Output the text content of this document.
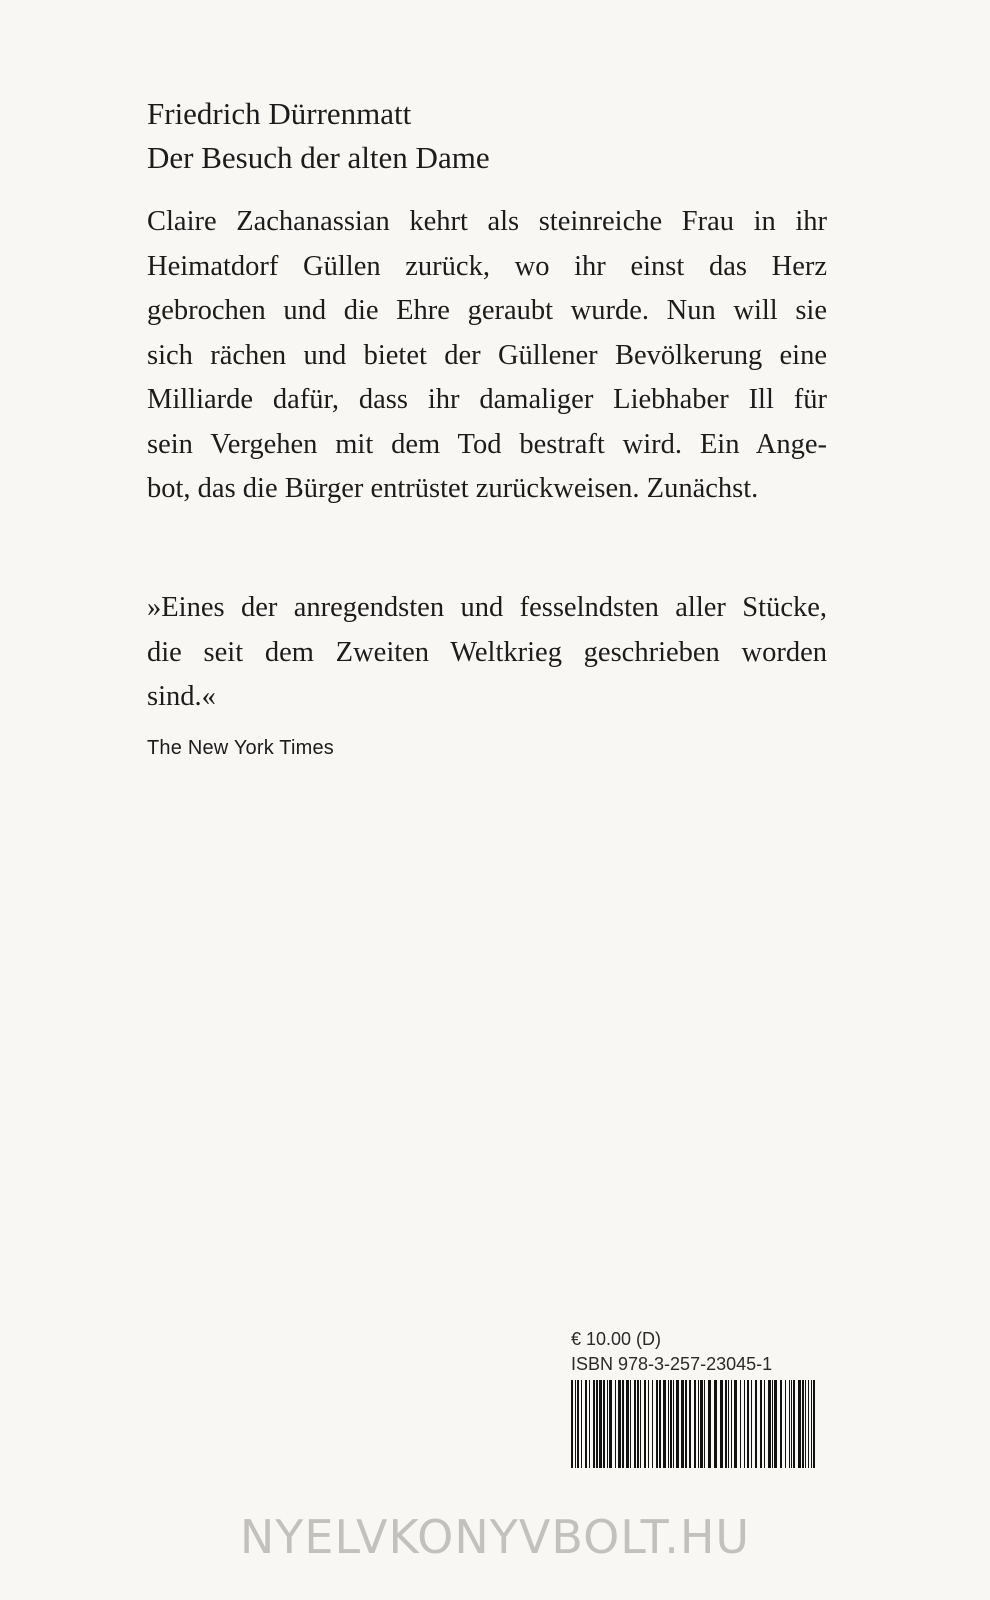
Friedrich Dürrenmatt
Der Besuch der alten Dame
Claire Zachanassian kehrt als steinreiche Frau in ihr
Heimatdorf Güllen zurück, wo ihr einst das Herz
gebrochen und die Ehre geraubt wurde. Nun will sie
sich rächen und bietet der Güllener Bevölkerung eine
Milliarde dafür, dass ihr damaliger Liebhaber Ill für
sein Vergehen mit dem Tod bestraft wird. Ein Ange-
bot, das die Bürger entrüstet zurückweisen. Zunächst.
»Eines der anregendsten und fesselndsten aller Stücke,
die seit dem Zweiten Weltkrieg geschrieben worden
sind.«
The New York Times
€ 10.00 (D)
ISBN 978-3-257-23045-1
NYELVKONYVBOLT.HU
